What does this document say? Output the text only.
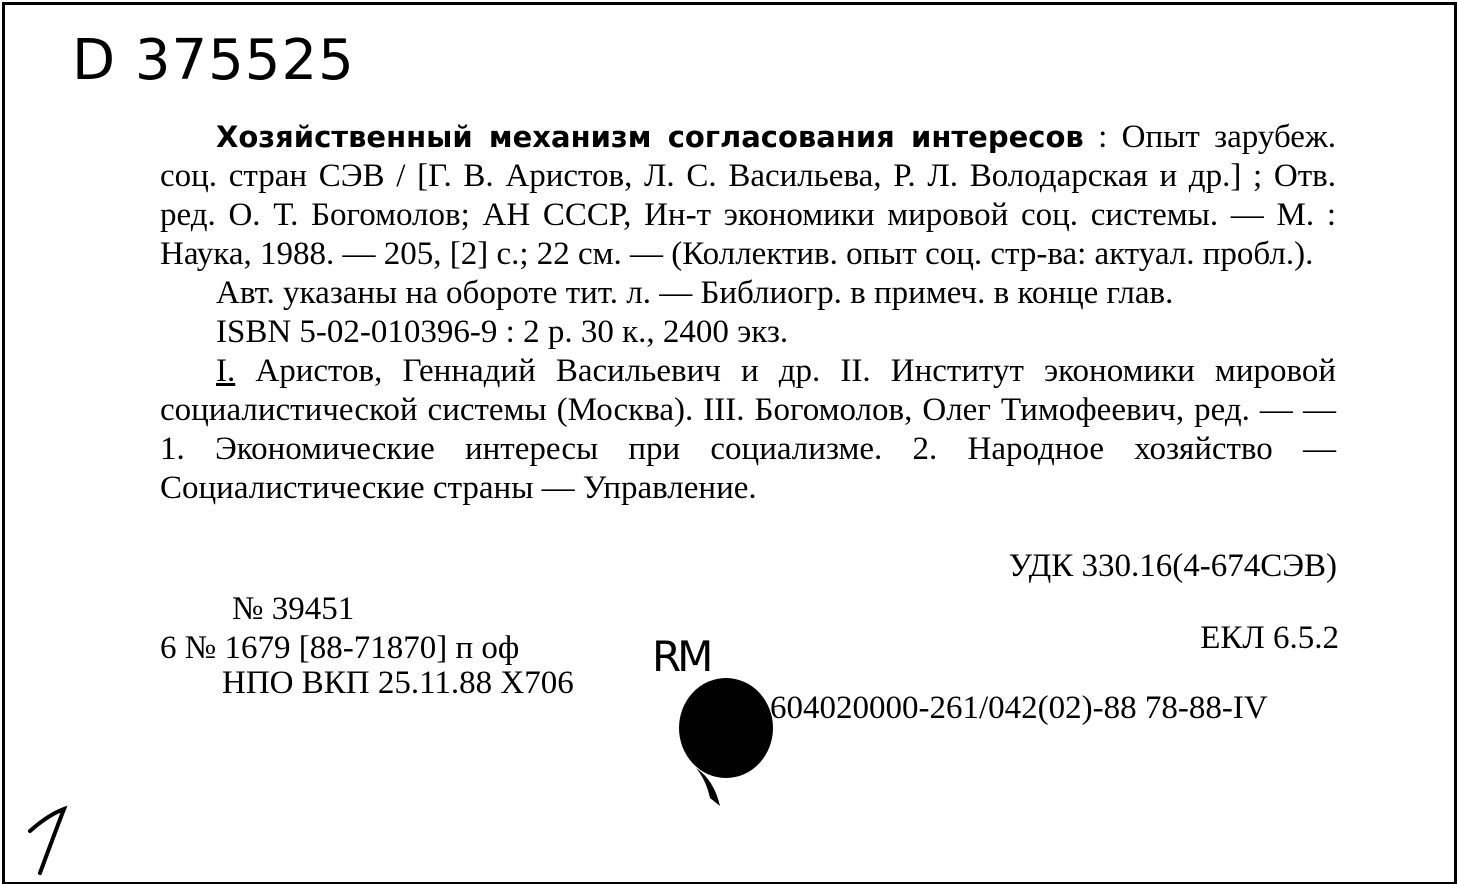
D 375525

Хозяйственный механизм согласования интересов : Опыт зарубеж. соц. стран СЭВ / [Г. В. Аристов, Л. С. Васильева, Р. Л. Володарская и др.] ; Отв. ред. О. Т. Богомолов; АН СССР, Ин-т экономики мировой соц. системы. — М. : Наука, 1988. — 205, [2] с.; 22 см. — (Коллектив. опыт соц. стр-ва: актуал. пробл.).

Авт. указаны на обороте тит. л. — Библиогр. в примеч. в конце глав.

ISBN 5-02-010396-9 : 2 р. 30 к., 2400 экз.

I. Аристов, Геннадий Васильевич и др. II. Институт экономики мировой социалистической системы (Москва). III. Богомолов, Олег Тимофеевич, ред. — — 1. Экономические интересы при социализме. 2. Народное хозяйство — Социалистические страны — Управление.

УДК 330.16(4-674СЭВ)
№ 39451
6 № 1679 [88-71870] п оф
НПО ВКП 25.11.88 Х706
ЕКЛ 6.5.2
604020000-261/042(02)-88 78-88-IV
RM
